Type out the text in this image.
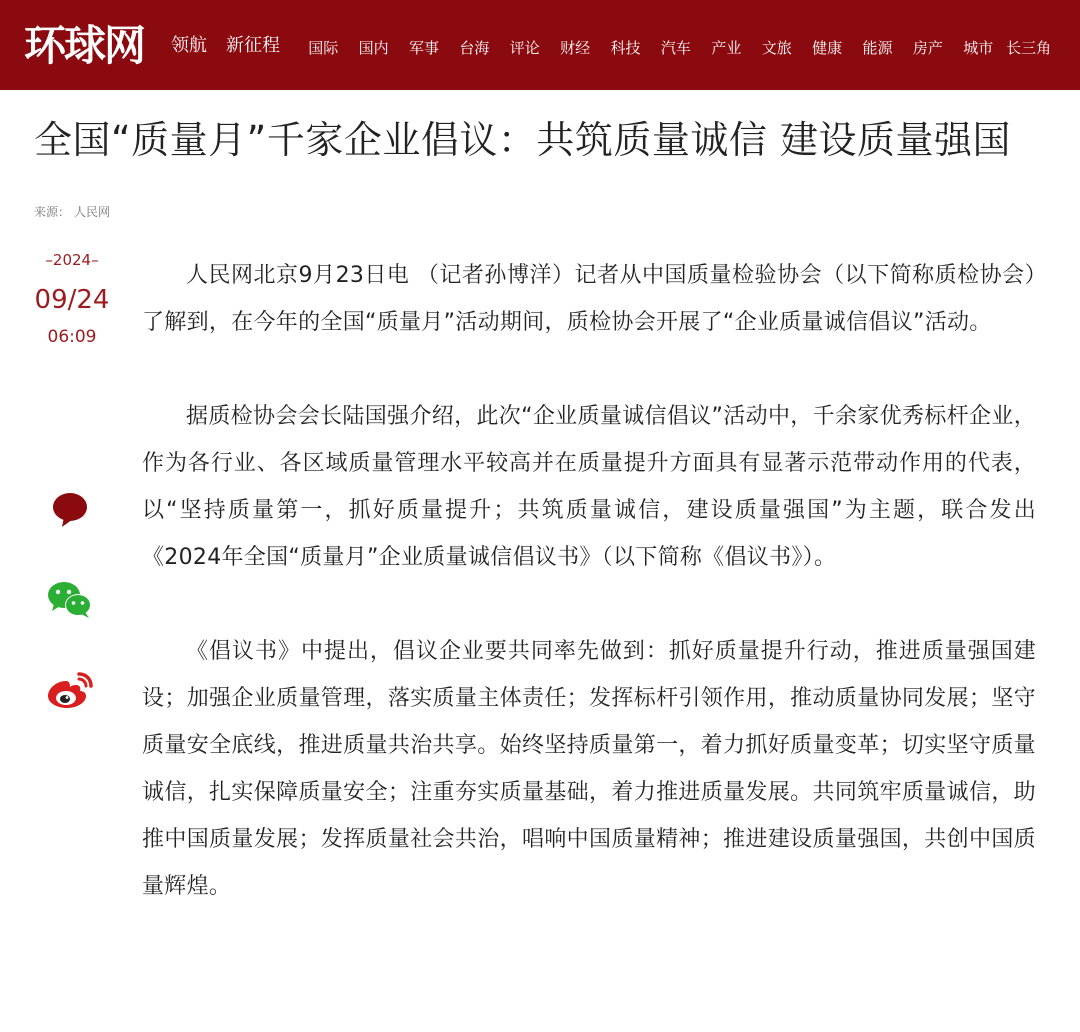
环球网 领航 新征程	国际	国内	军事	台海	评论	财经	科技	汽车	产业	文旅	健康	能源	房产	城市 长三角
全国“质量月”千家企业倡议：共筑质量诚信 建设质量强国
来源： 人民网
–2024–
09/24
06:09

人民网北京9月23日电 （记者孙博洋）记者从中国质量检验协会（以下简称质检协会）了解到，在今年的全国“质量月”活动期间，质检协会开展了“企业质量诚信倡议”活动。

据质检协会会长陆国强介绍，此次“企业质量诚信倡议”活动中，千余家优秀标杆企业，作为各行业、各区域质量管理水平较高并在质量提升方面具有显著示范带动作用的代表，以“坚持质量第一，抓好质量提升；共筑质量诚信，建设质量强国”为主题，联合发出《2024年全国“质量月”企业质量诚信倡议书》（以下简称《倡议书》）。

《倡议书》中提出，倡议企业要共同率先做到：抓好质量提升行动，推进质量强国建设；加强企业质量管理，落实质量主体责任；发挥标杆引领作用，推动质量协同发展；坚守质量安全底线，推进质量共治共享。始终坚持质量第一，着力抓好质量变革；切实坚守质量诚信，扎实保障质量安全；注重夯实质量基础，着力推进质量发展。共同筑牢质量诚信，助推中国质量发展；发挥质量社会共治，唱响中国质量精神；推进建设质量强国，共创中国质量辉煌。
